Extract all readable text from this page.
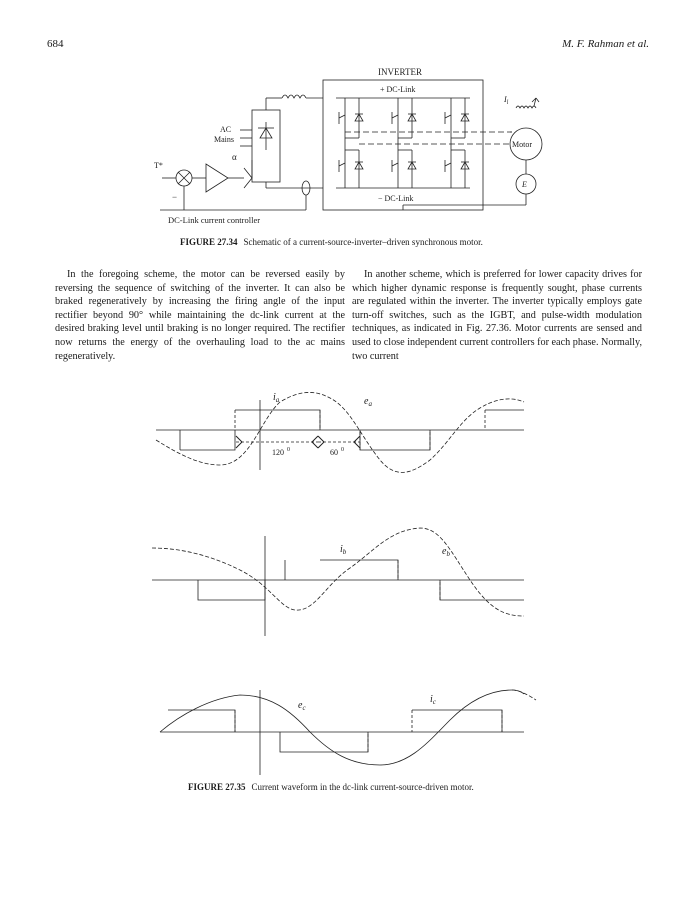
684	M. F. Rahman et al.
INVERTER
+ DC-Link
− DC-Link
AC
Mains
α
T*
−
DC-Link current controller
Motor
E
$I_l$
FIGURE 27.34 Schematic of a current-source-inverter–driven synchronous motor.

In the foregoing scheme, the motor can be reversed easily by reversing the sequence of switching of the inverter. It can also be braked regeneratively by increasing the firing angle of the input rectifier beyond 90° while maintaining the dc-link current at the desired braking level until braking is no longer required. The rectifier now returns the energy of the overhauling load to the ac mains regeneratively.

In another scheme, which is preferred for lower capacity drives for which higher dynamic response is frequently sought, phase currents are regulated within the inverter. The inverter typically employs gate turn-off switches, such as the IGBT, and pulse-width modulation techniques, as indicated in Fig. 27.36. Motor currents are sensed and used to close independent current controllers for each phase. Normally, two current

$i_a$	$e_a$
120 $^0$	60 $^0$
$i_b$	$e_b$
$e_c$
$i_c$
FIGURE 27.35 Current waveform in the dc-link current-source-driven motor.
